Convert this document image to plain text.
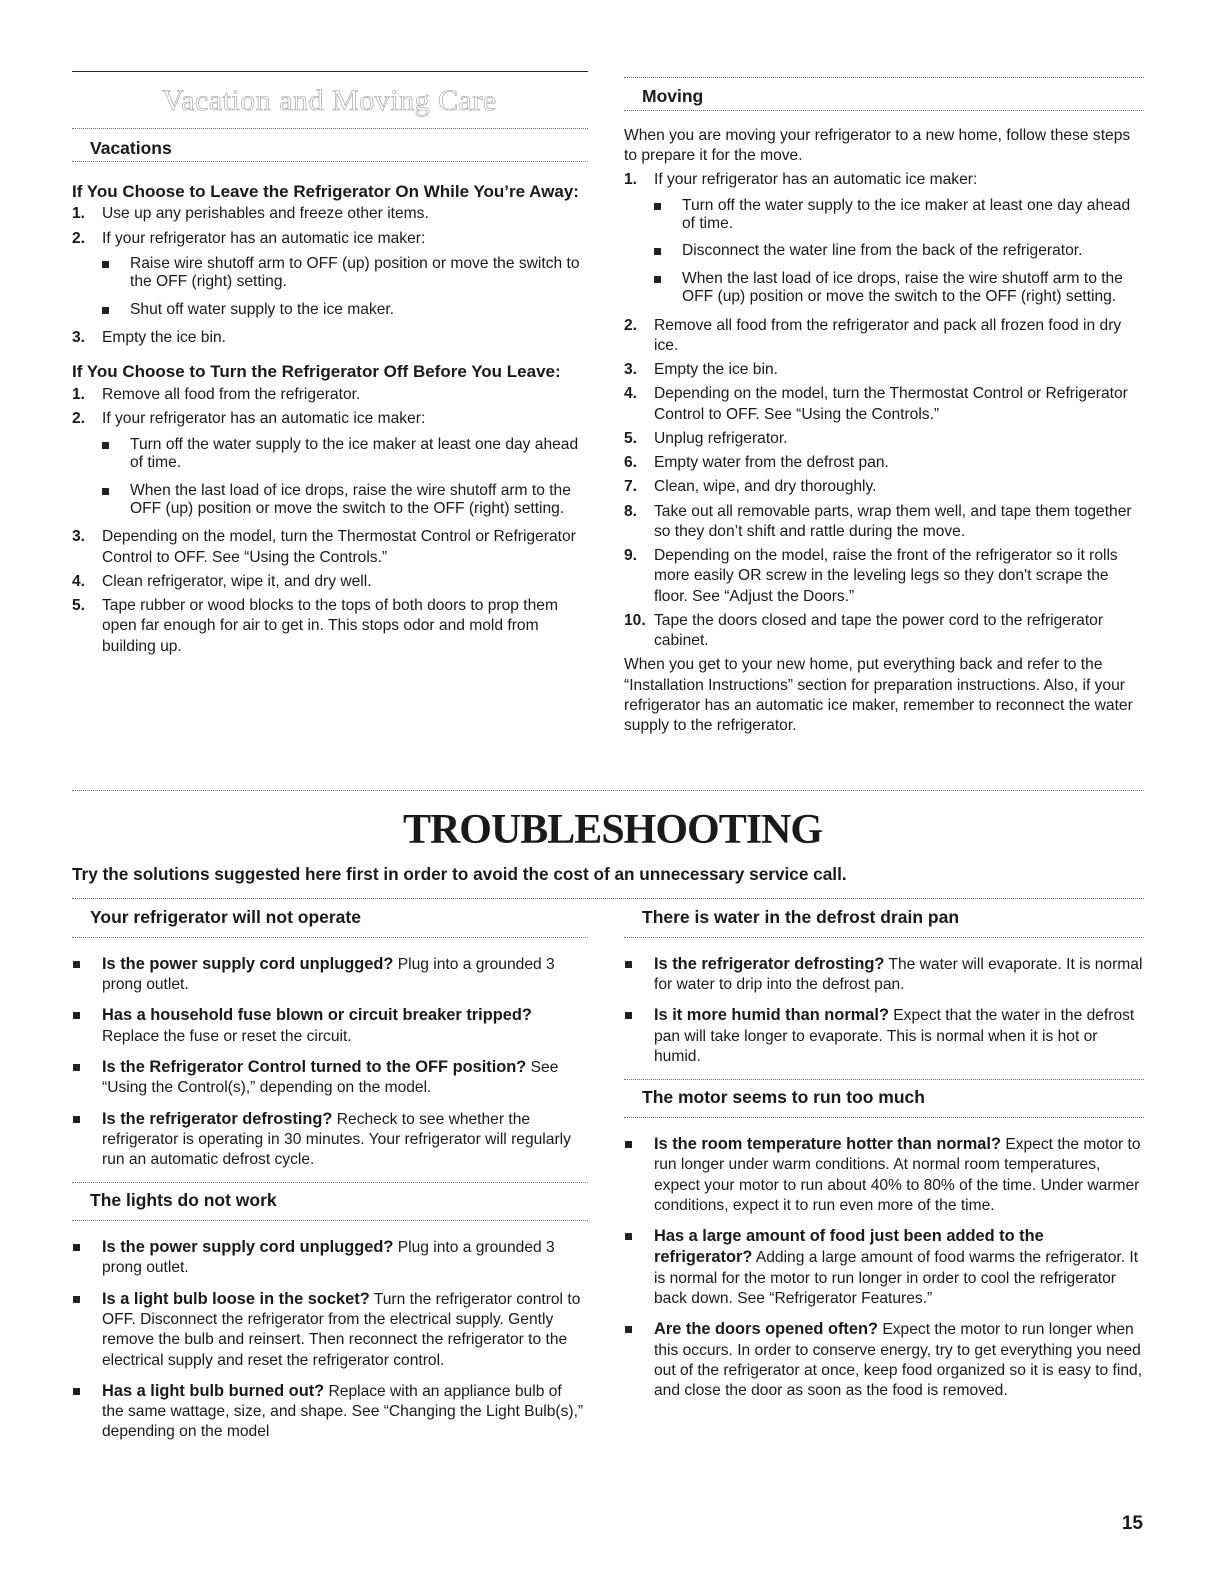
Vacation and Moving Care
Vacations
If You Choose to Leave the Refrigerator On While You’re Away:
1. Use up any perishables and freeze other items.
2. If your refrigerator has an automatic ice maker:
Raise wire shutoff arm to OFF (up) position or move the switch to the OFF (right) setting.
Shut off water supply to the ice maker.
3. Empty the ice bin.
If You Choose to Turn the Refrigerator Off Before You Leave:
1. Remove all food from the refrigerator.
2. If your refrigerator has an automatic ice maker:
Turn off the water supply to the ice maker at least one day ahead of time.
When the last load of ice drops, raise the wire shutoff arm to the OFF (up) position or move the switch to the OFF (right) setting.
3. Depending on the model, turn the Thermostat Control or Refrigerator Control to OFF. See “Using the Controls.”
4. Clean refrigerator, wipe it, and dry well.
5. Tape rubber or wood blocks to the tops of both doors to prop them open far enough for air to get in. This stops odor and mold from building up.
Moving

When you are moving your refrigerator to a new home, follow these steps to prepare it for the move.

1. If your refrigerator has an automatic ice maker:
Turn off the water supply to the ice maker at least one day ahead of time.
Disconnect the water line from the back of the refrigerator.
When the last load of ice drops, raise the wire shutoff arm to the OFF (up) position or move the switch to the OFF (right) setting.
2. Remove all food from the refrigerator and pack all frozen food in dry ice.
3. Empty the ice bin.
4. Depending on the model, turn the Thermostat Control or Refrigerator Control to OFF. See “Using the Controls.”
5. Unplug refrigerator.
6. Empty water from the defrost pan.
7. Clean, wipe, and dry thoroughly.
8. Take out all removable parts, wrap them well, and tape them together so they don’t shift and rattle during the move.
9. Depending on the model, raise the front of the refrigerator so it rolls more easily OR screw in the leveling legs so they don't scrape the floor. See “Adjust the Doors.”
10. Tape the doors closed and tape the power cord to the refrigerator cabinet.

When you get to your new home, put everything back and refer to the “Installation Instructions” section for preparation instructions. Also, if your refrigerator has an automatic ice maker, remember to reconnect the water supply to the refrigerator.

TROUBLESHOOTING
Try the solutions suggested here first in order to avoid the cost of an unnecessary service call.
Your refrigerator will not operate
Is the power supply cord unplugged? Plug into a grounded 3 prong outlet.
Has a household fuse blown or circuit breaker tripped? Replace the fuse or reset the circuit.
Is the Refrigerator Control turned to the OFF position? See “Using the Control(s),” depending on the model.
Is the refrigerator defrosting? Recheck to see whether the refrigerator is operating in 30 minutes. Your refrigerator will regularly run an automatic defrost cycle.
The lights do not work
Is the power supply cord unplugged? Plug into a grounded 3 prong outlet.
Is a light bulb loose in the socket? Turn the refrigerator control to OFF. Disconnect the refrigerator from the electrical supply. Gently remove the bulb and reinsert. Then reconnect the refrigerator to the electrical supply and reset the refrigerator control.
Has a light bulb burned out? Replace with an appliance bulb of the same wattage, size, and shape. See “Changing the Light Bulb(s),” depending on the model
There is water in the defrost drain pan
Is the refrigerator defrosting? The water will evaporate. It is normal for water to drip into the defrost pan.
Is it more humid than normal? Expect that the water in the defrost pan will take longer to evaporate. This is normal when it is hot or humid.
The motor seems to run too much
Is the room temperature hotter than normal? Expect the motor to run longer under warm conditions. At normal room temperatures, expect your motor to run about 40% to 80% of the time. Under warmer conditions, expect it to run even more of the time.
Has a large amount of food just been added to the refrigerator? Adding a large amount of food warms the refrigerator. It is normal for the motor to run longer in order to cool the refrigerator back down. See “Refrigerator Features.”
Are the doors opened often? Expect the motor to run longer when this occurs. In order to conserve energy, try to get everything you need out of the refrigerator at once, keep food organized so it is easy to find, and close the door as soon as the food is removed.
15
